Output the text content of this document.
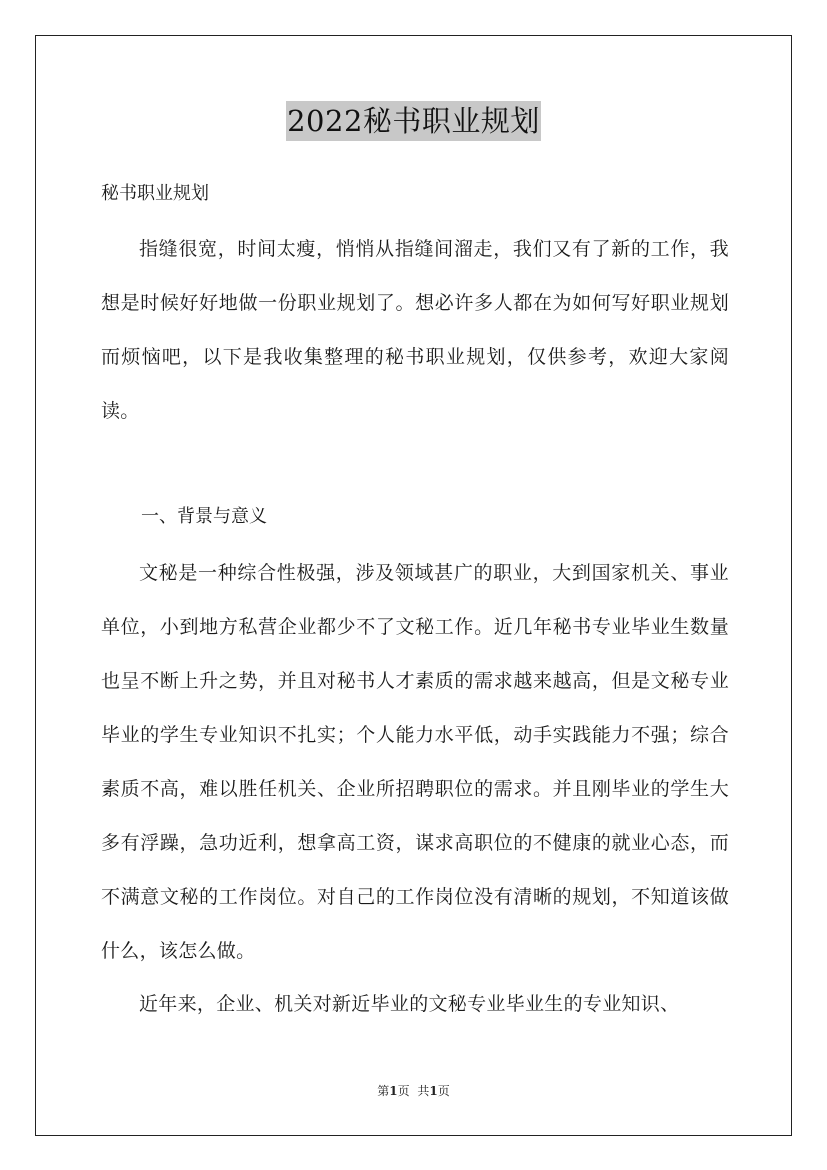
2022秘书职业规划
秘书职业规划
指缝很宽，时间太瘦，悄悄从指缝间溜走，我们又有了新的工作，我想是时候好好地做一份职业规划了。想必许多人都在为如何写好职业规划而烦恼吧，以下是我收集整理的秘书职业规划，仅供参考，欢迎大家阅读。
一、背景与意义
文秘是一种综合性极强，涉及领域甚广的职业，大到国家机关、事业单位，小到地方私营企业都少不了文秘工作。近几年秘书专业毕业生数量也呈不断上升之势，并且对秘书人才素质的需求越来越高，但是文秘专业毕业的学生专业知识不扎实；个人能力水平低，动手实践能力不强；综合素质不高，难以胜任机关、企业所招聘职位的需求。并且刚毕业的学生大多有浮躁，急功近利，想拿高工资，谋求高职位的不健康的就业心态，而不满意文秘的工作岗位。对自己的工作岗位没有清晰的规划，不知道该做什么，该怎么做。
近年来，企业、机关对新近毕业的文秘专业毕业生的专业知识、
第1页 共1页
